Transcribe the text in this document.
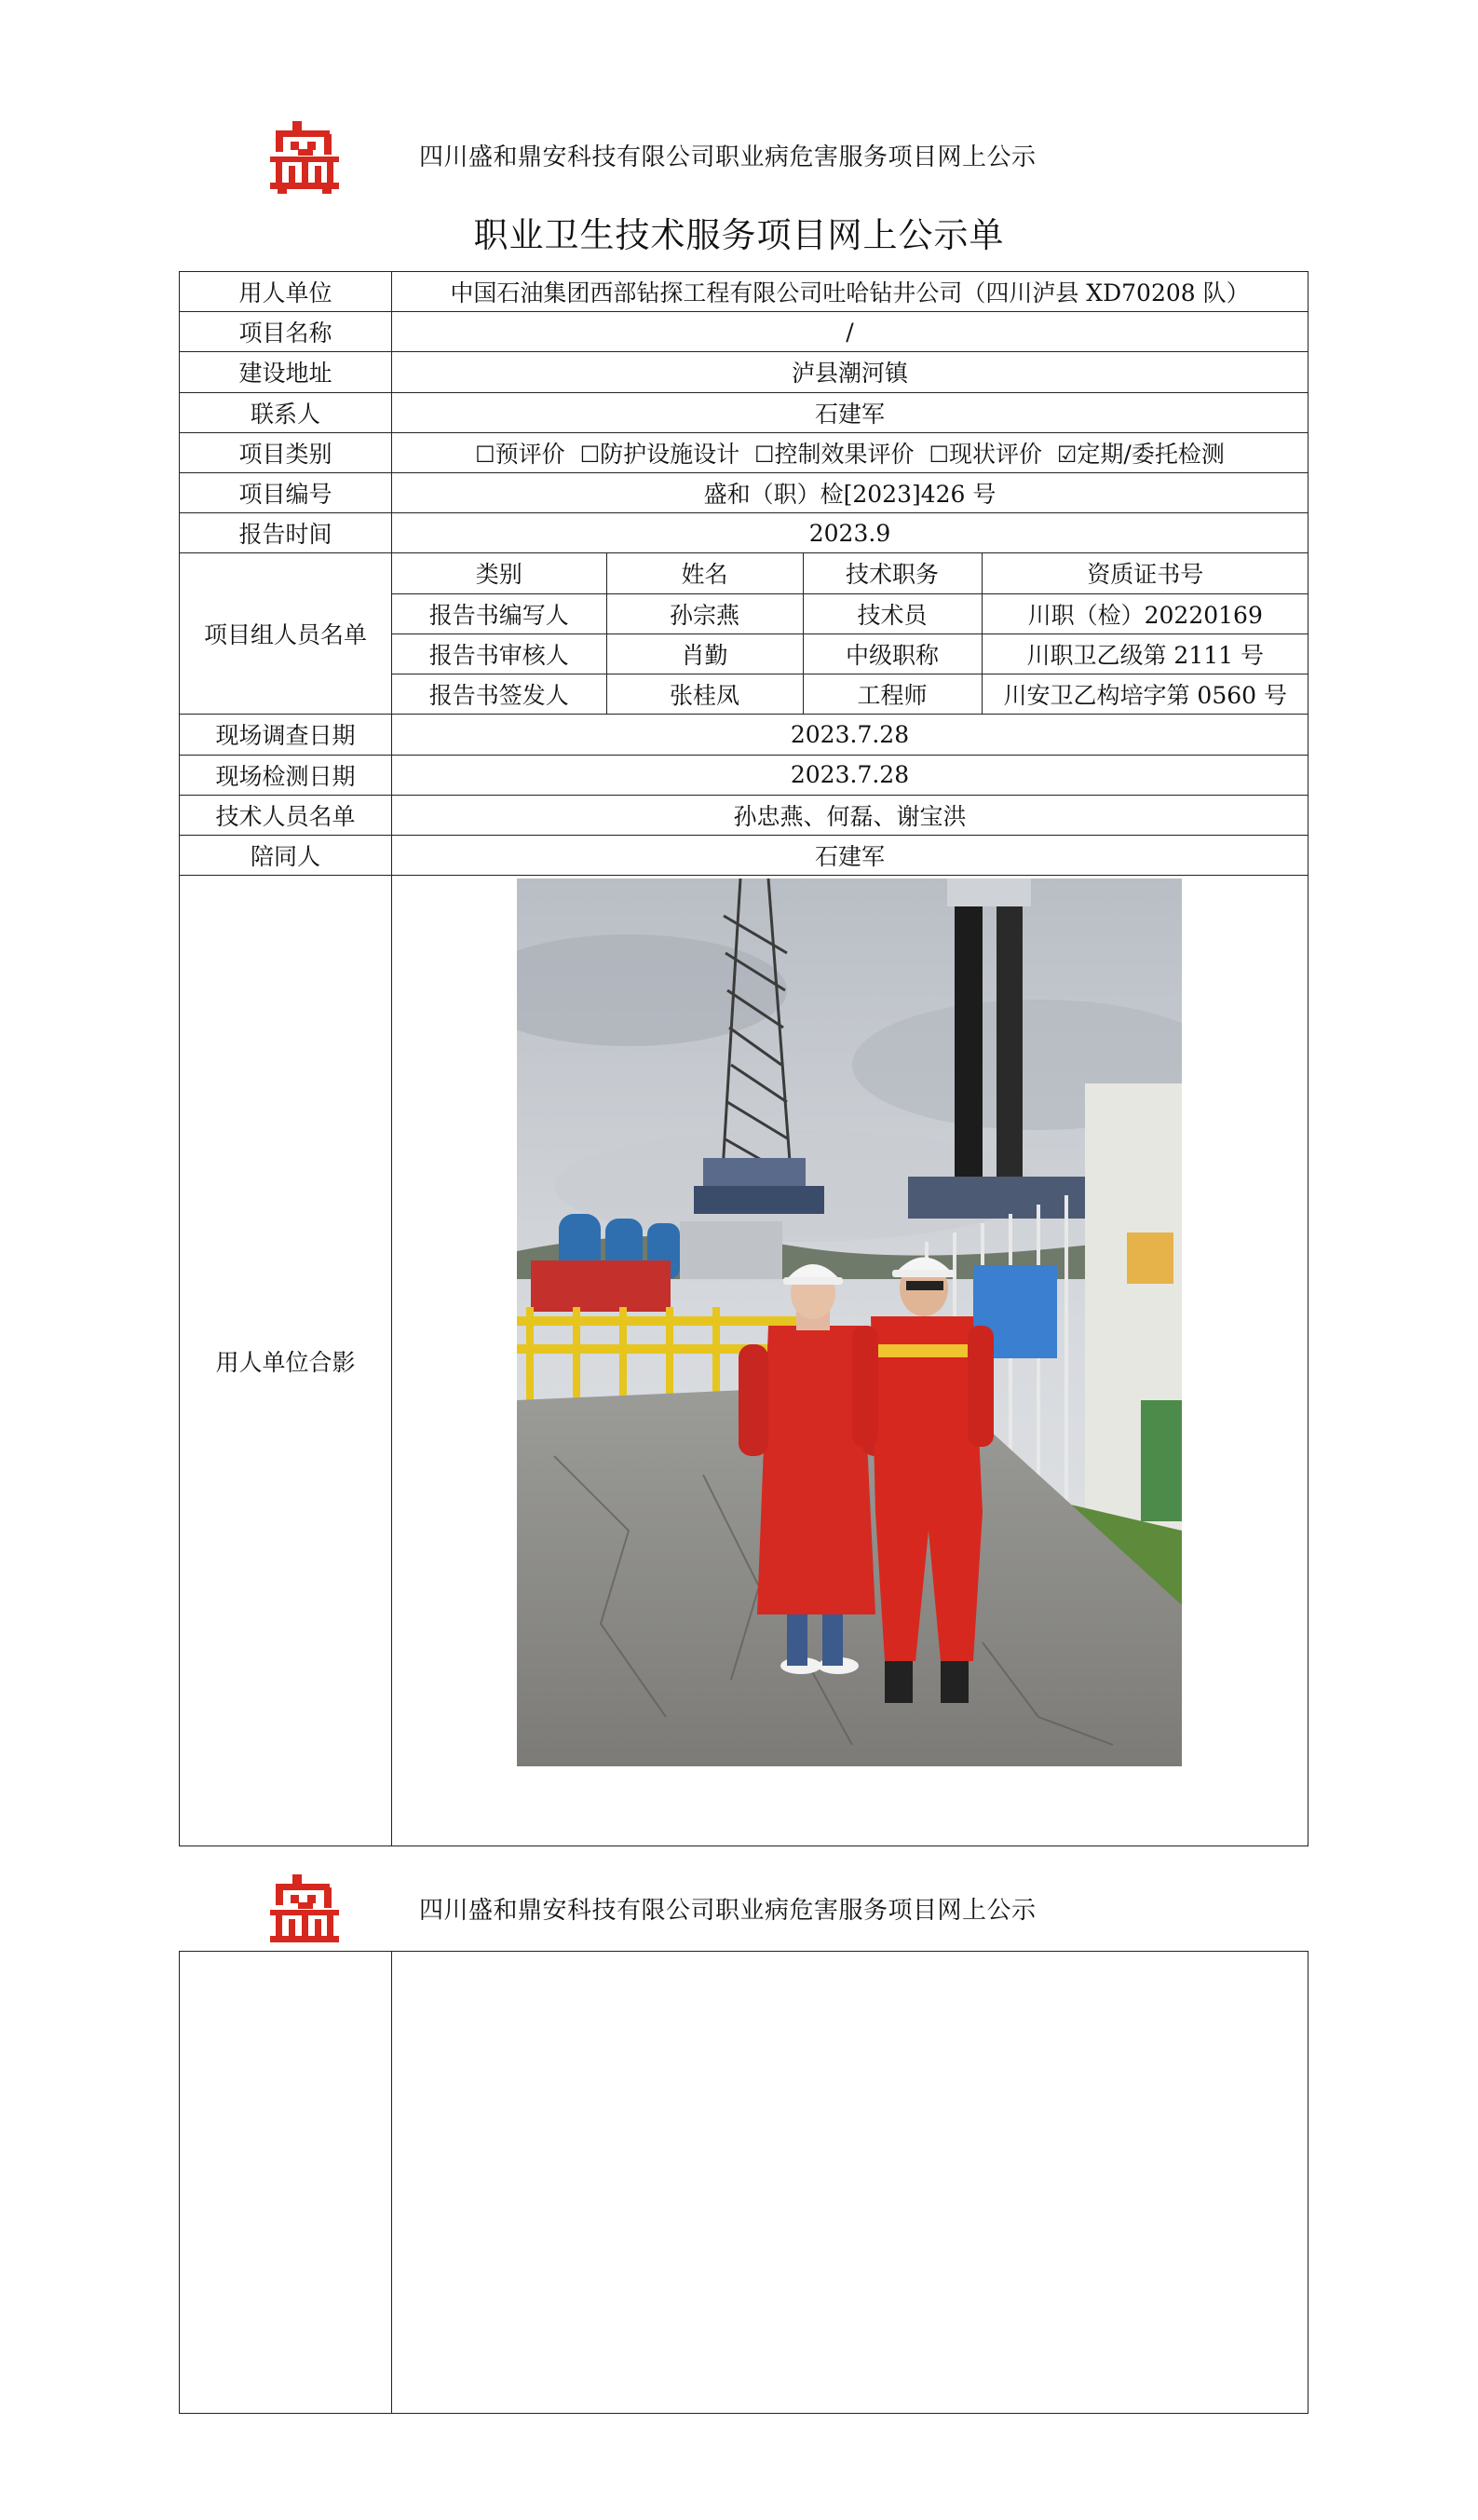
四川盛和鼎安科技有限公司职业病危害服务项目网上公示
职业卫生技术服务项目网上公示单
用人单位	中国石油集团西部钻探工程有限公司吐哈钻井公司（四川泸县 XD70208 队）
项目名称	/
建设地址	泸县潮河镇
联系人	石建军
项目类别	☐预评价 ☐防护设施设计 ☐控制效果评价 ☐现状评价 ☑定期/委托检测
项目编号	盛和（职）检[2023]426 号
报告时间	2023.9
项目组人员名单	
类别	姓名	技术职务	资质证书号
报告书编写人	孙宗燕	技术员	川职（检）20220169
报告书审核人	肖勤	中级职称	川职卫乙级第 2111 号
报告书签发人	张桂凤	工程师	川安卫乙构培字第 0560 号

现场调查日期	2023.7.28
现场检测日期	2023.7.28
技术人员名单	孙忠燕、何磊、谢宝洪
陪同人	石建军
用人单位合影	
四川盛和鼎安科技有限公司职业病危害服务项目网上公示
